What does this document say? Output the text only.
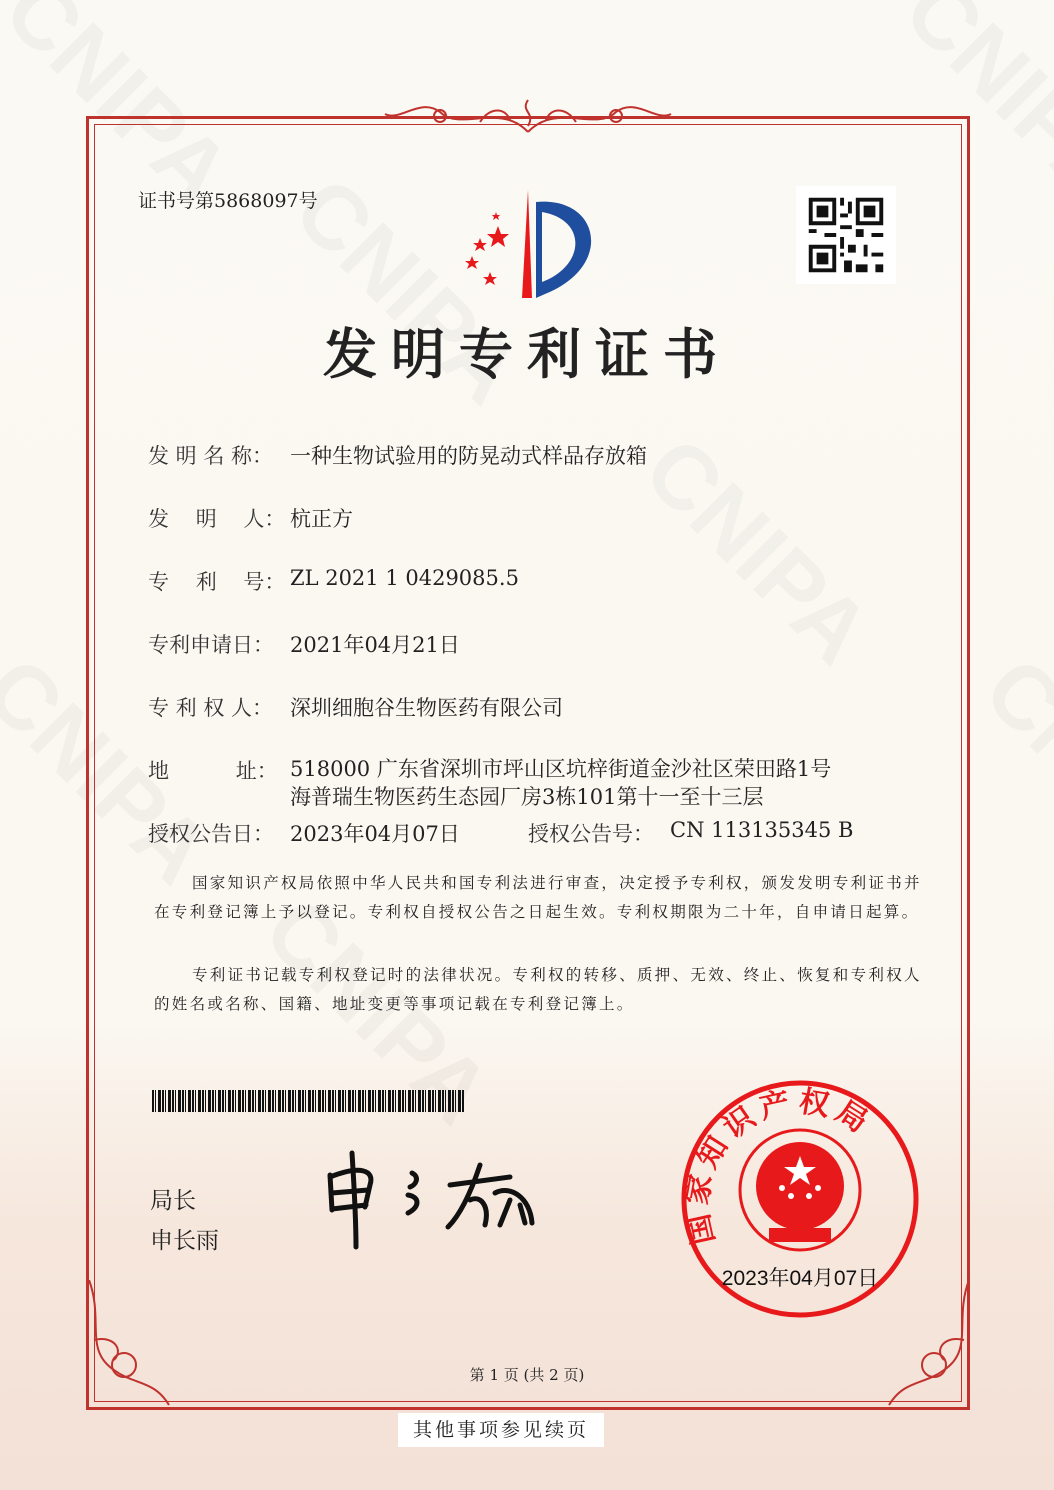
证书号第5868097号
发明专利证书
发 明 名 称： 一种生物试验用的防晃动式样品存放箱
发    明    人： 杭正方
专    利    号： ZL 2021 1 0429085.5
专利申请日： 2021年04月21日
专 利 权 人： 深圳细胞谷生物医药有限公司
地          址： 518000 广东省深圳市坪山区坑梓街道金沙社区荣田路1号
海普瑞生物医药生态园厂房3栋101第十一至十三层
授权公告日： 2023年04月07日	授权公告号： CN 113135345 B
国家知识产权局依照中华人民共和国专利法进行审查，决定授予专利权，颁发发明专利证书并在专利登记簿上予以登记。专利权自授权公告之日起生效。专利权期限为二十年，自申请日起算。
专利证书记载专利权登记时的法律状况。专利权的转移、质押、无效、终止、恢复和专利权人的姓名或名称、国籍、地址变更等事项记载在专利登记簿上。
局长
申长雨	国家知识产权局
2023年04月07日
第 1 页 (共 2 页)
其他事项参见续页
